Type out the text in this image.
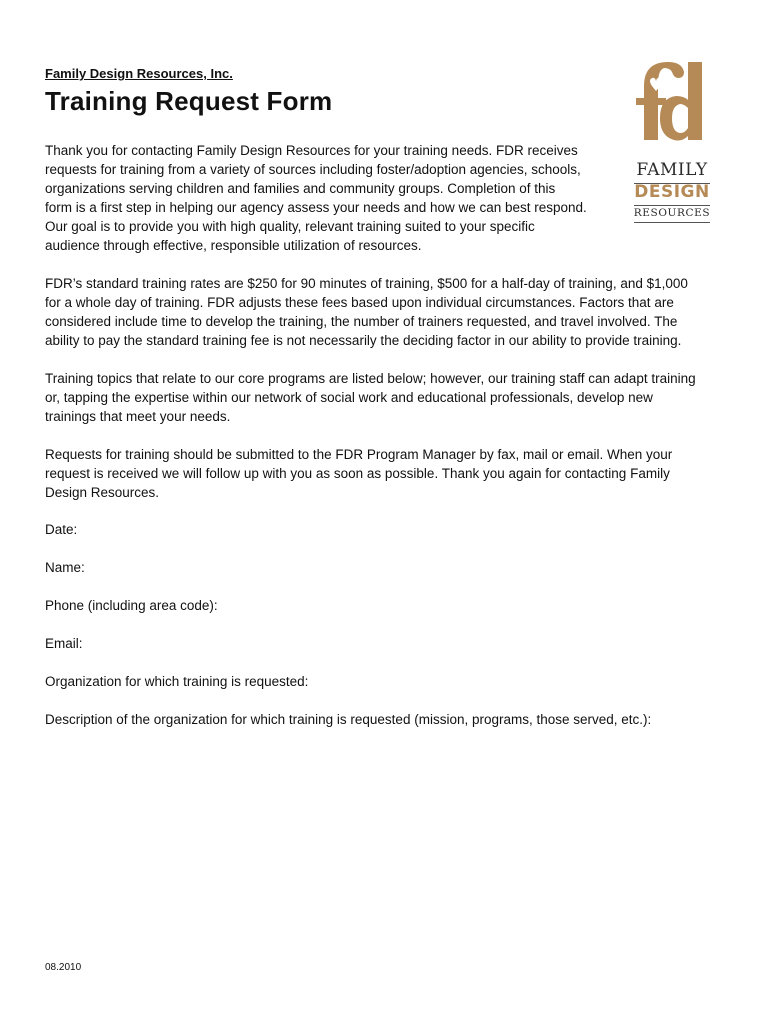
Family Design Resources, Inc.
Training Request Form
FAMILY
DESIGN
RESOURCES

Thank you for contacting Family Design Resources for your training needs. FDR receives
requests for training from a variety of sources including foster/adoption agencies, schools,
organizations serving children and families and community groups. Completion of this
form is a first step in helping our agency assess your needs and how we can best respond.
Our goal is to provide you with high quality, relevant training suited to your specific
audience through effective, responsible utilization of resources.

FDR’s standard training rates are $250 for 90 minutes of training, $500 for a half-day of training, and $1,000
for a whole day of training. FDR adjusts these fees based upon individual circumstances. Factors that are
considered include time to develop the training, the number of trainers requested, and travel involved. The
ability to pay the standard training fee is not necessarily the deciding factor in our ability to provide training.

Training topics that relate to our core programs are listed below; however, our training staff can adapt training
or, tapping the expertise within our network of social work and educational professionals, develop new
trainings that meet your needs.

Requests for training should be submitted to the FDR Program Manager by fax, mail or email. When your
request is received we will follow up with you as soon as possible. Thank you again for contacting Family
Design Resources.

Date:
Name:
Phone (including area code):
Email:
Organization for which training is requested:
Description of the organization for which training is requested (mission, programs, those served, etc.):
08.2010
